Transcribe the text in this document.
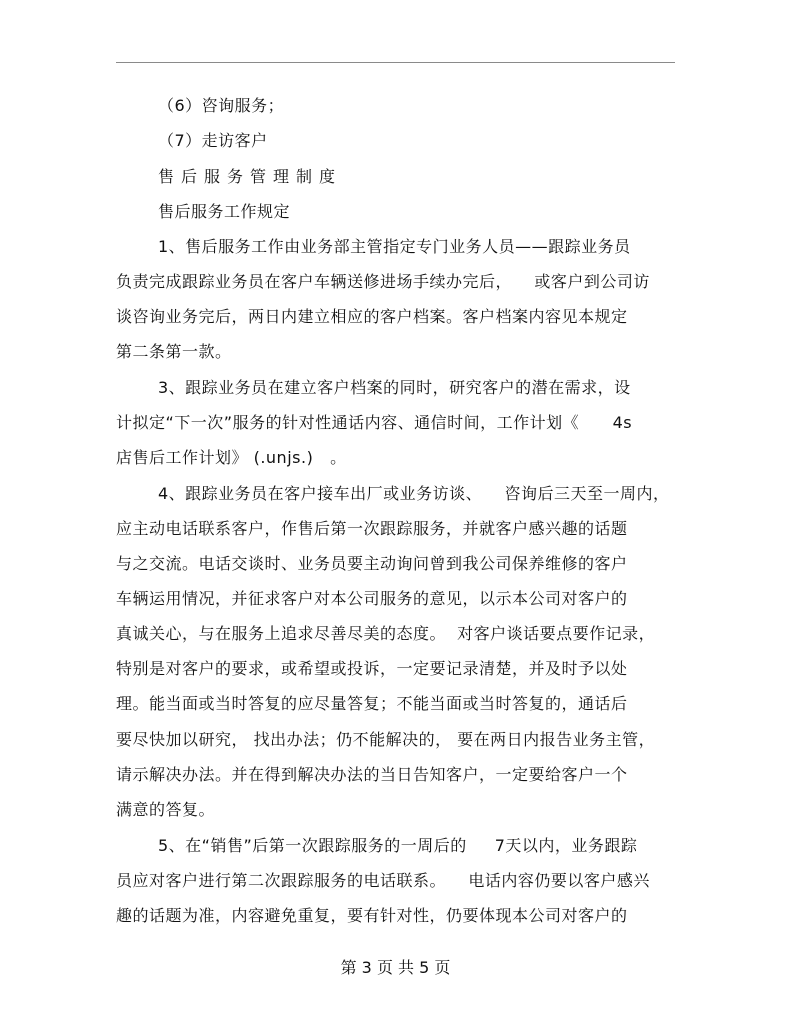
（6）咨询服务；
（7）走访客户
售后服务管理制度
售后服务工作规定
1、售后服务工作由业务部主管指定专门业务人员——跟踪业务员
负责完成跟踪业务员在客户车辆送修进场手续办完后，    或客户到公司访
谈咨询业务完后，两日内建立相应的客户档案。客户档案内容见本规定
第二条第一款。
3、跟踪业务员在建立客户档案的同时，研究客户的潜在需求，设
计拟定“下一次”服务的针对性通话内容、通信时间，工作计划《      4s
店售后工作计划》 (.unjs.)   。
4、跟踪业务员在客户接车出厂或业务访谈、    咨询后三天至一周内，
应主动电话联系客户，作售后第一次跟踪服务，并就客户感兴趣的话题
与之交流。电话交谈时、业务员要主动询问曾到我公司保养维修的客户
车辆运用情况，并征求客户对本公司服务的意见，以示本公司对客户的
真诚关心，与在服务上追求尽善尽美的态度。  对客户谈话要点要作记录，
特别是对客户的要求，或希望或投诉，一定要记录清楚，并及时予以处
理。能当面或当时答复的应尽量答复；不能当面或当时答复的，通话后
要尽快加以研究， 找出办法；仍不能解决的， 要在两日内报告业务主管，
请示解决办法。并在得到解决办法的当日告知客户，一定要给客户一个
满意的答复。
5、在“销售”后第一次跟踪服务的一周后的     7天以内，业务跟踪
员应对客户进行第二次跟踪服务的电话联系。    电话内容仍要以客户感兴
趣的话题为准，内容避免重复，要有针对性，仍要体现本公司对客户的
第 3 页 共 5 页
